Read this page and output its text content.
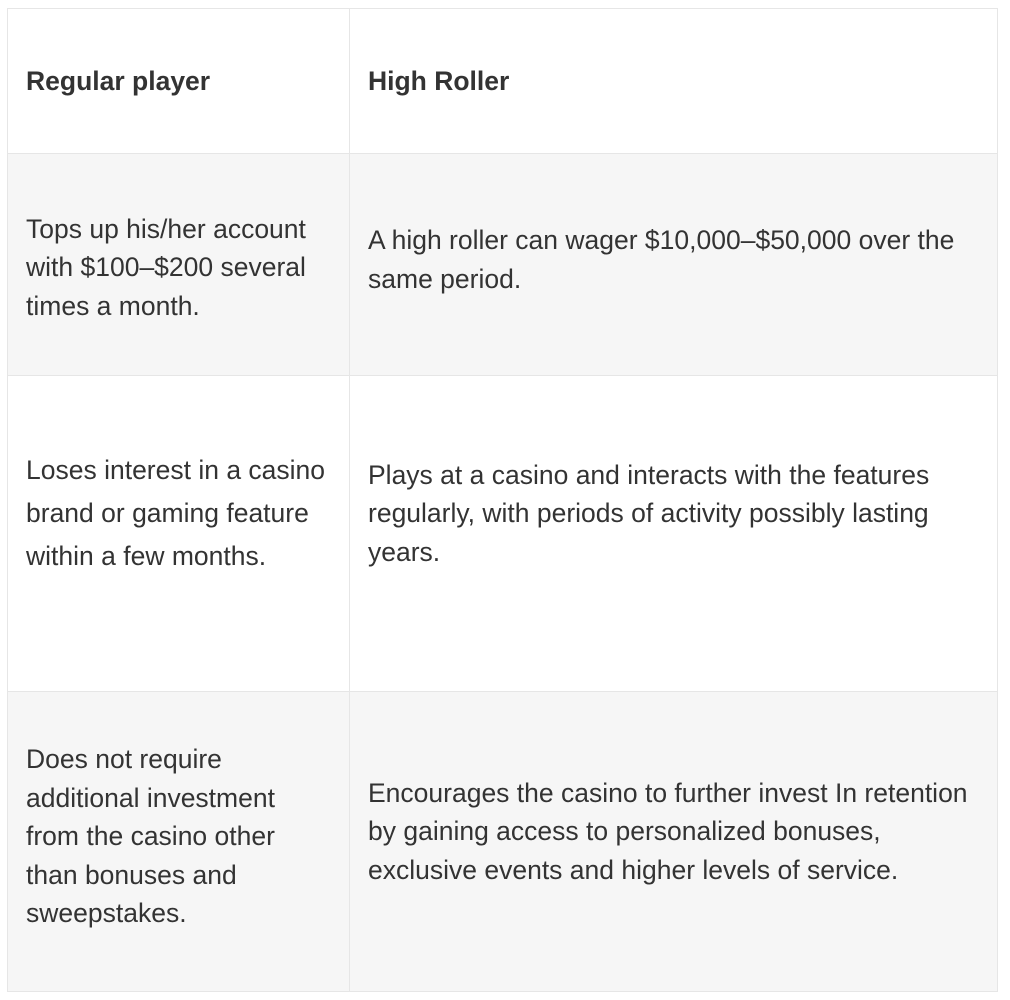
Regular player	High Roller
Tops up his/her account with $100–$200 several times a month.	A high roller can wager $10,000–$50,000 over the same period.
Loses interest in a casino brand or gaming feature within a few months.	Plays at a casino and interacts with the features regularly, with periods of activity possibly lasting years.
Does not require additional investment from the casino other than bonuses and sweepstakes.	Encourages the casino to further invest In retention by gaining access to personalized bonuses, exclusive events and higher levels of service.
